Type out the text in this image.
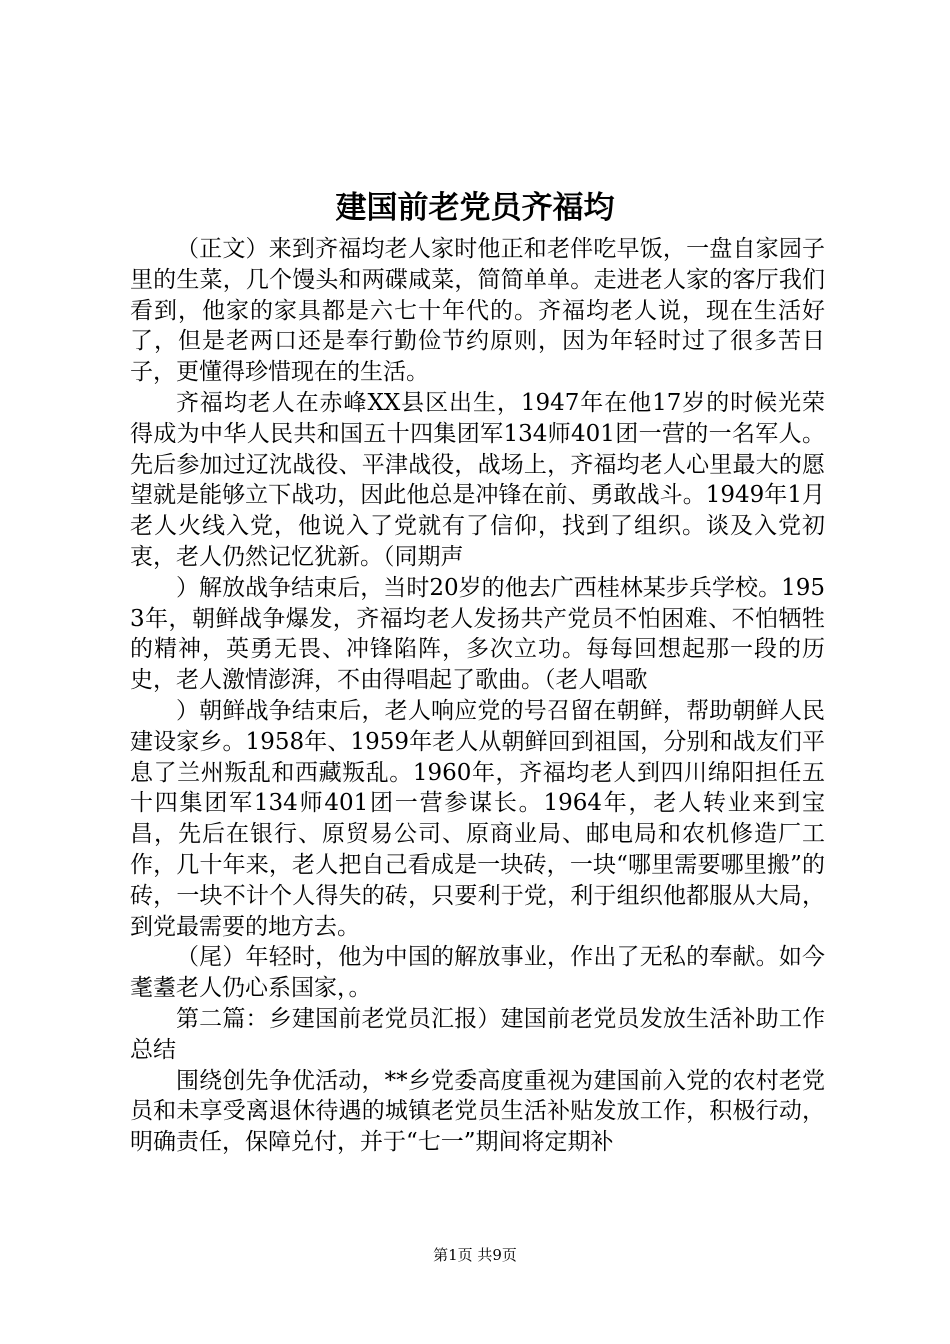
建国前老党员齐福均

（正文）来到齐福均老人家时他正和老伴吃早饭，一盘自家园子里的生菜，几个馒头和两碟咸菜，简简单单。走进老人家的客厅我们看到，他家的家具都是六七十年代的。齐福均老人说，现在生活好了，但是老两口还是奉行勤俭节约原则，因为年轻时过了很多苦日子，更懂得珍惜现在的生活。

齐福均老人在赤峰XX县区出生，1947年在他17岁的时候光荣得成为中华人民共和国五十四集团军134师401团一营的一名军人。先后参加过辽沈战役、平津战役，战场上，齐福均老人心里最大的愿望就是能够立下战功，因此他总是冲锋在前、勇敢战斗。1949年1月老人火线入党，他说入了党就有了信仰，找到了组织。谈及入党初衷，老人仍然记忆犹新。（同期声

）解放战争结束后，当时20岁的他去广西桂林某步兵学校。1953年，朝鲜战争爆发，齐福均老人发扬共产党员不怕困难、不怕牺牲的精神，英勇无畏、冲锋陷阵，多次立功。每每回想起那一段的历史，老人激情澎湃，不由得唱起了歌曲。（老人唱歌

）朝鲜战争结束后，老人响应党的号召留在朝鲜，帮助朝鲜人民建设家乡。1958年、1959年老人从朝鲜回到祖国，分别和战友们平息了兰州叛乱和西藏叛乱。1960年，齐福均老人到四川绵阳担任五十四集团军134师401团一营参谋长。1964年，老人转业来到宝昌，先后在银行、原贸易公司、原商业局、邮电局和农机修造厂工作，几十年来，老人把自己看成是一块砖，一块“哪里需要哪里搬”的砖，一块不计个人得失的砖，只要利于党，利于组织他都服从大局，到党最需要的地方去。

（尾）年轻时，他为中国的解放事业，作出了无私的奉献。如今耄耋老人仍心系国家，。

第二篇：乡建国前老党员汇报）建国前老党员发放生活补助工作总结

围绕创先争优活动，**乡党委高度重视为建国前入党的农村老党员和未享受离退休待遇的城镇老党员生活补贴发放工作，积极行动，明确责任，保障兑付，并于“七一”期间将定期补

第1页 共9页
